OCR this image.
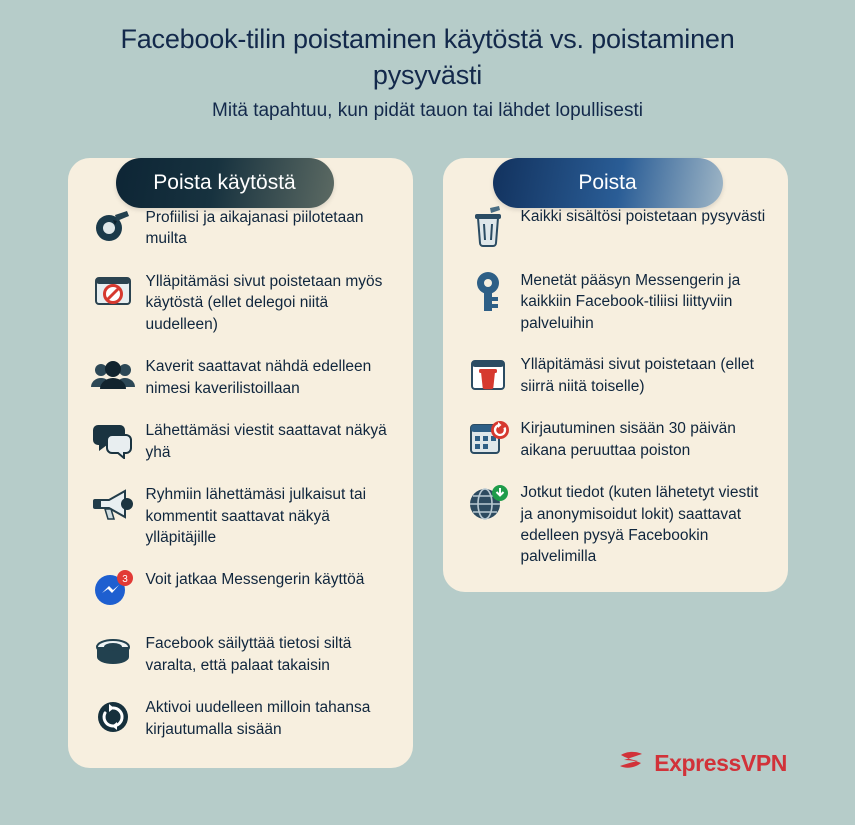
Facebook-tilin poistaminen käytöstä vs. poistaminen pysyvästi
Mitä tapahtuu, kun pidät tauon tai lähdet lopullisesti
Poista käytöstä
Profiilisi ja aikajanasi piilotetaan muilta
Ylläpitämäsi sivut poistetaan myös käytöstä (ellet delegoi niitä uudelleen)
Kaverit saattavat nähdä edelleen nimesi kaverilistoillaan
Lähettämäsi viestit saattavat näkyä yhä
Ryhmiin lähettämäsi julkaisut tai kommentit saattavat näkyä ylläpitäjille
3 Voit jatkaa Messengerin käyttöä
Facebook säilyttää tietosi siltä varalta, että palaat takaisin
Aktivoi uudelleen milloin tahansa kirjautumalla sisään
Poista
Kaikki sisältösi poistetaan pysyvästi
Menetät pääsyn Messengerin ja kaikkiin Facebook-tiliisi liittyviin palveluihin
Ylläpitämäsi sivut poistetaan (ellet siirrä niitä toiselle)
Kirjautuminen sisään 30 päivän aikana peruuttaa poiston
Jotkut tiedot (kuten lähetetyt viestit ja anonymisoidut lokit) saattavat edelleen pysyä Facebookin palvelimilla
ExpressVPN
